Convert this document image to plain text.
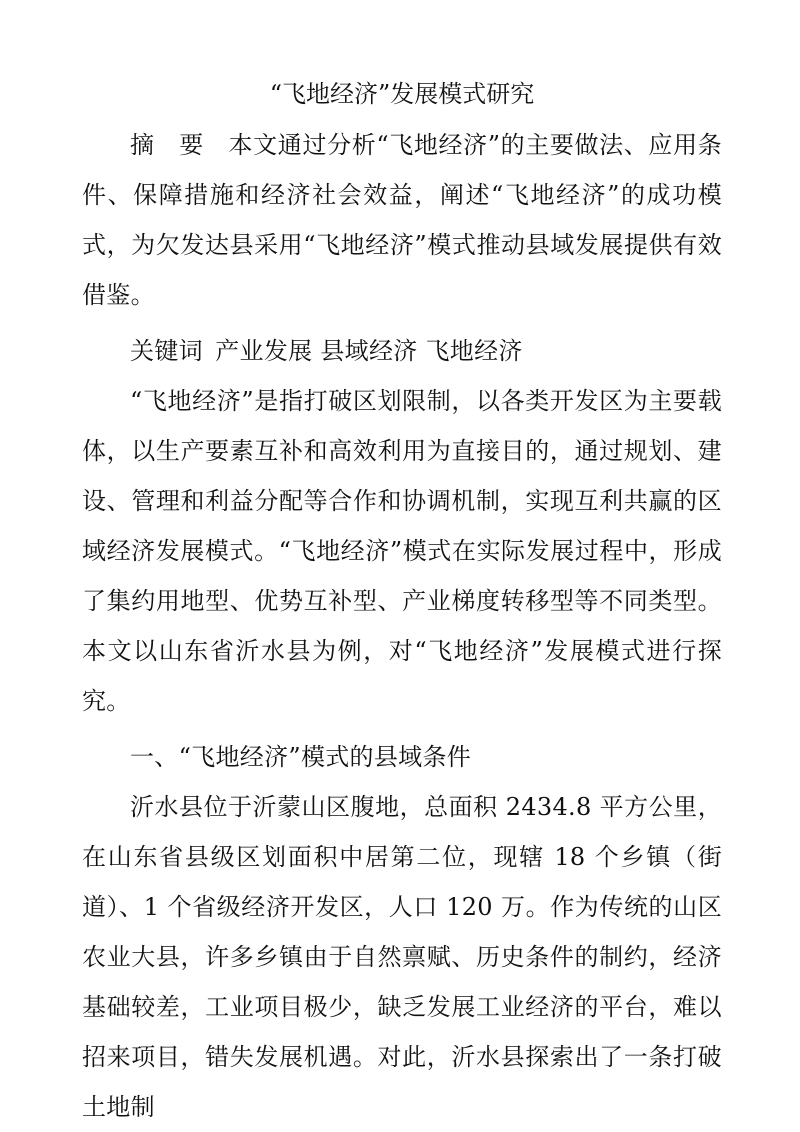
“飞地经济”发展模式研究

摘　要　 本文通过分析“飞地经济”的主要做法、应用条件、保障措施和经济社会效益，阐述“飞地经济”的成功模式，为欠发达县采用“飞地经济”模式推动县域发展提供有效借鉴。

关键词  产业发展 县域经济 飞地经济

“飞地经济”是指打破区划限制，以各类开发区为主要载体，以生产要素互补和高效利用为直接目的，通过规划、建设、管理和利益分配等合作和协调机制，实现互利共赢的区域经济发展模式。“飞地经济”模式在实际发展过程中，形成了集约用地型、优势互补型、产业梯度转移型等不同类型。本文以山东省沂水县为例，对“飞地经济”发展模式进行探究。

一、“飞地经济”模式的县域条件

沂水县位于沂蒙山区腹地，总面积 2434.8 平方公里，在山东省县级区划面积中居第二位，现辖 18 个乡镇（街道）、1 个省级经济开发区，人口 120 万。作为传统的山区农业大县，许多乡镇由于自然禀赋、历史条件的制约，经济基础较差，工业项目极少，缺乏发展工业经济的平台，难以招来项目，错失发展机遇。对此，沂水县探索出了一条打破土地制
